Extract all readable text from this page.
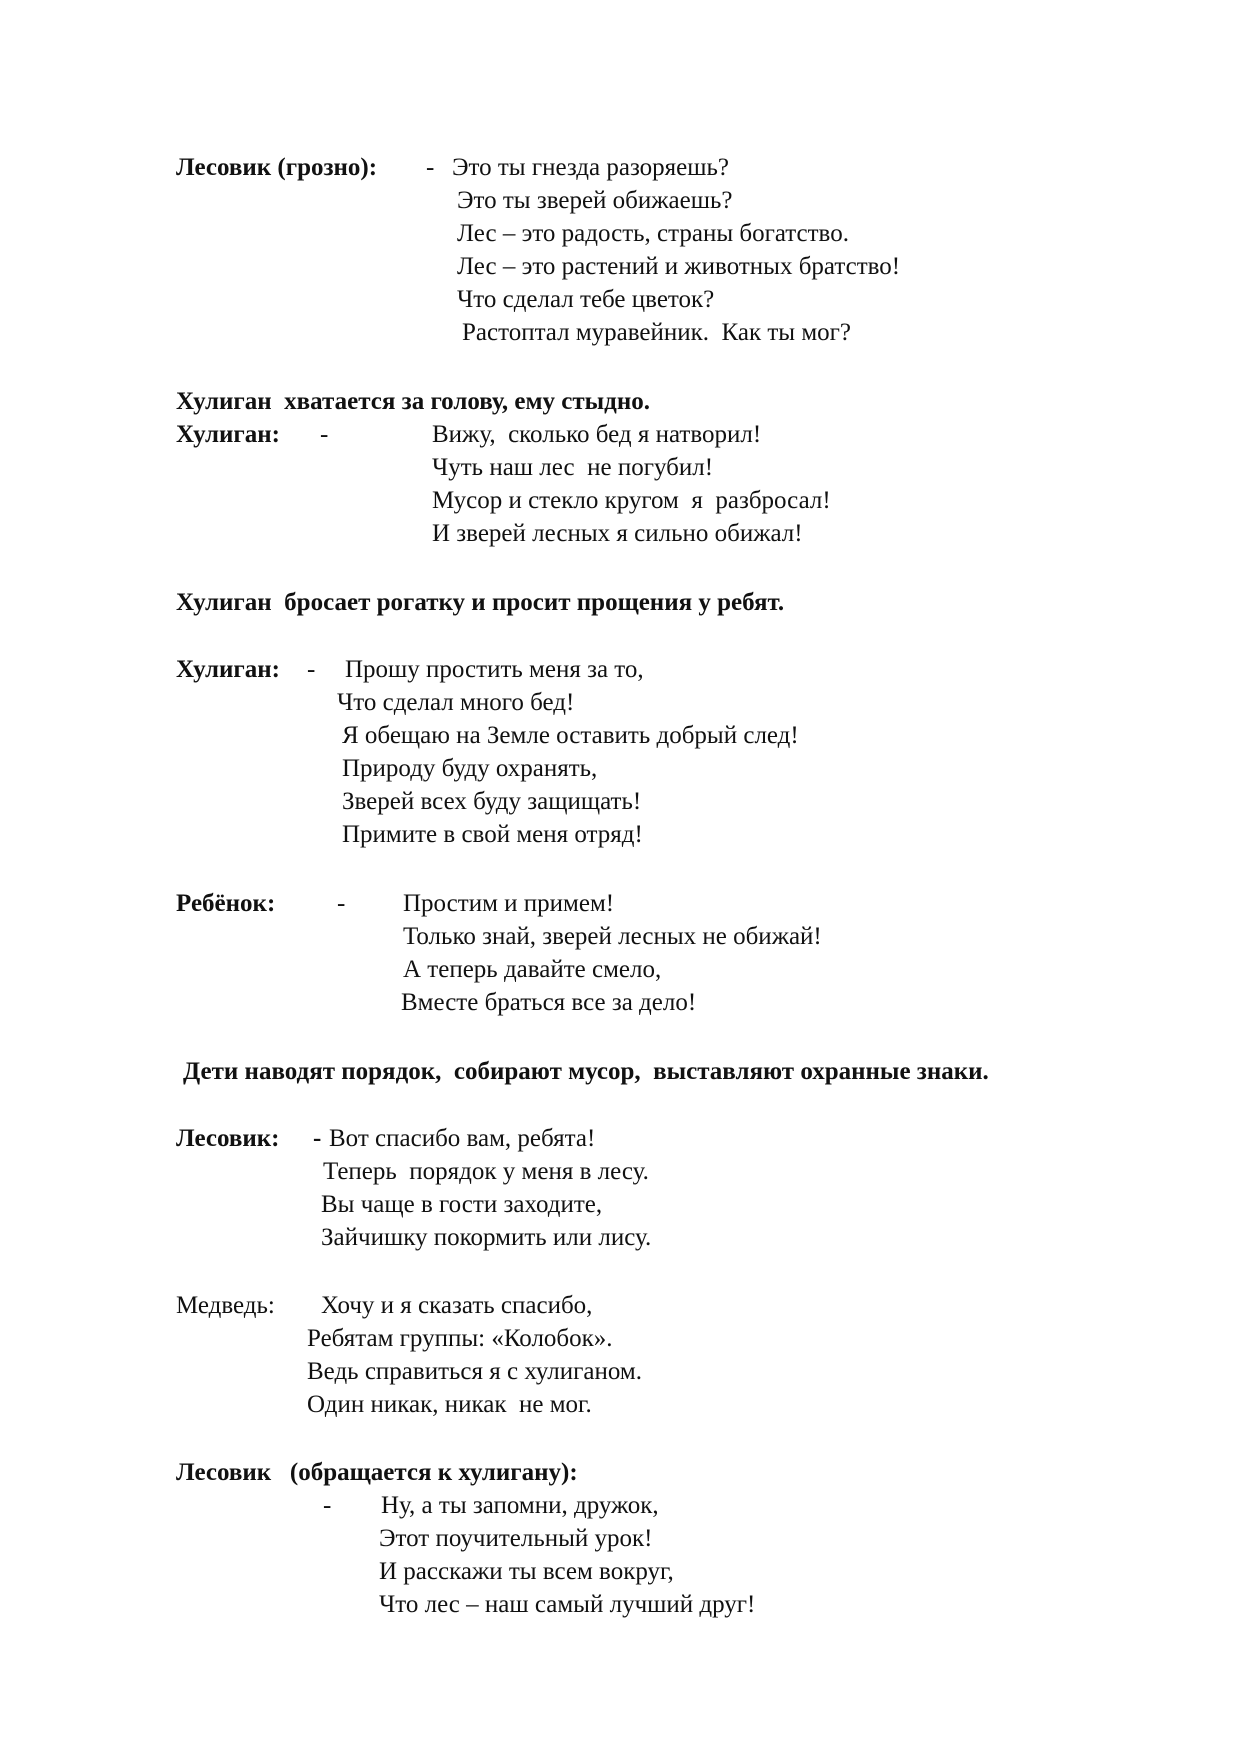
Лесовик (грозно): - Это ты гнезда разоряешь?
Это ты зверей обижаешь?
Лес – это радость, страны богатство.
Лес – это растений и животных братство!
Что сделал тебе цветок?
Растоптал муравейник.  Как ты мог?
Хулиган  хватается за голову, ему стыдно.
Хулиган: -	Вижу,  сколько бед я натворил!
Чуть наш лес  не погубил!
Мусор и стекло кругом  я  разбросал!
И зверей лесных я сильно обижал!
Хулиган  бросает рогатку и просит прощения у ребят.
Хулиган: - Прошу простить меня за то,
Что сделал много бед!
Я обещаю на Земле оставить добрый след!
Природу буду охранять,
Зверей всех буду защищать!
Примите в свой меня отряд!
Ребёнок: - Простим и примем!
Только знай, зверей лесных не обижай!
А теперь давайте смело,
Вместе браться все за дело!
Дети наводят порядок,  собирают мусор,  выставляют охранные знаки.
Лесовик: - Вот спасибо вам, ребята!
Теперь  порядок у меня в лесу.
Вы чаще в гости заходите,
Зайчишку покормить или лису.
Медведь: Хочу и я сказать спасибо,
Ребятам группы: «Колобок».
Ведь справиться я с хулиганом.
Один никак, никак  не мог.
Лесовик   (обращается к хулигану):
- Ну, а ты запомни, дружок,
Этот поучительный урок!
И расскажи ты всем вокруг,
Что лес – наш самый лучший друг!
